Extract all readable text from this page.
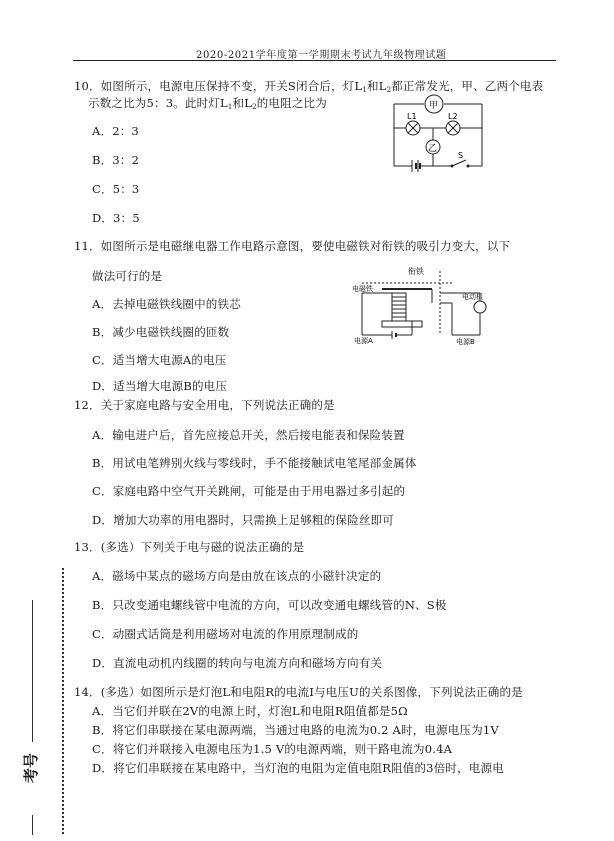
2020-2021学年度第一学期期末考试九年级物理试题
10．如图所示，电源电压保持不变，开关S闭合后，灯$L_1$和$L_2$都正常发光，甲、乙两个电表
示数之比为5：3。此时灯$L_1$和$L_2$的电阻之比为
A．2：3
B．3：2
C．5：3
D．3：5
甲
乙
L1	L2
S
11．如图所示是电磁继电器工作电路示意图，要使电磁铁对衔铁的吸引力变大，以下
做法可行的是
A．去掉电磁铁线圈中的铁芯
B．减少电磁铁线圈的匝数
C．适当增大电源A的电压
D．适当增大电源B的电压
衔铁
电磁铁
电动机
电源A	电源B
12．关于家庭电路与安全用电，下列说法正确的是
A．输电进户后，首先应接总开关，然后接电能表和保险装置
B．用试电笔辨别火线与零线时，手不能接触试电笔尾部金属体
C．家庭电路中空气开关跳闸，可能是由于用电器过多引起的
D．增加大功率的用电器时，只需换上足够粗的保险丝即可
13．(多选）下列关于电与磁的说法正确的是
A．磁场中某点的磁场方向是由放在该点的小磁针决定的
B．只改变通电螺线管中电流的方向，可以改变通电螺线管的N、S极
C．动圈式话筒是利用磁场对电流的作用原理制成的
D．直流电动机内线圈的转向与电流方向和磁场方向有关
14．(多选）如图所示是灯泡L和电阻R的电流I与电压U的关系图像，下列说法正确的是
A．当它们并联在2V的电源上时，灯泡L和电阻R阻值都是5Ω
B．将它们串联接在某电源两端，当通过电路的电流为0.2 A时，电源电压为1V
C．将它们并联接入电源电压为1.5 V的电源两端，则干路电流为0.4A
D．将它们串联接在某电路中，当灯泡的电阻为定值电阻R阻值的3倍时，电源电
考号
